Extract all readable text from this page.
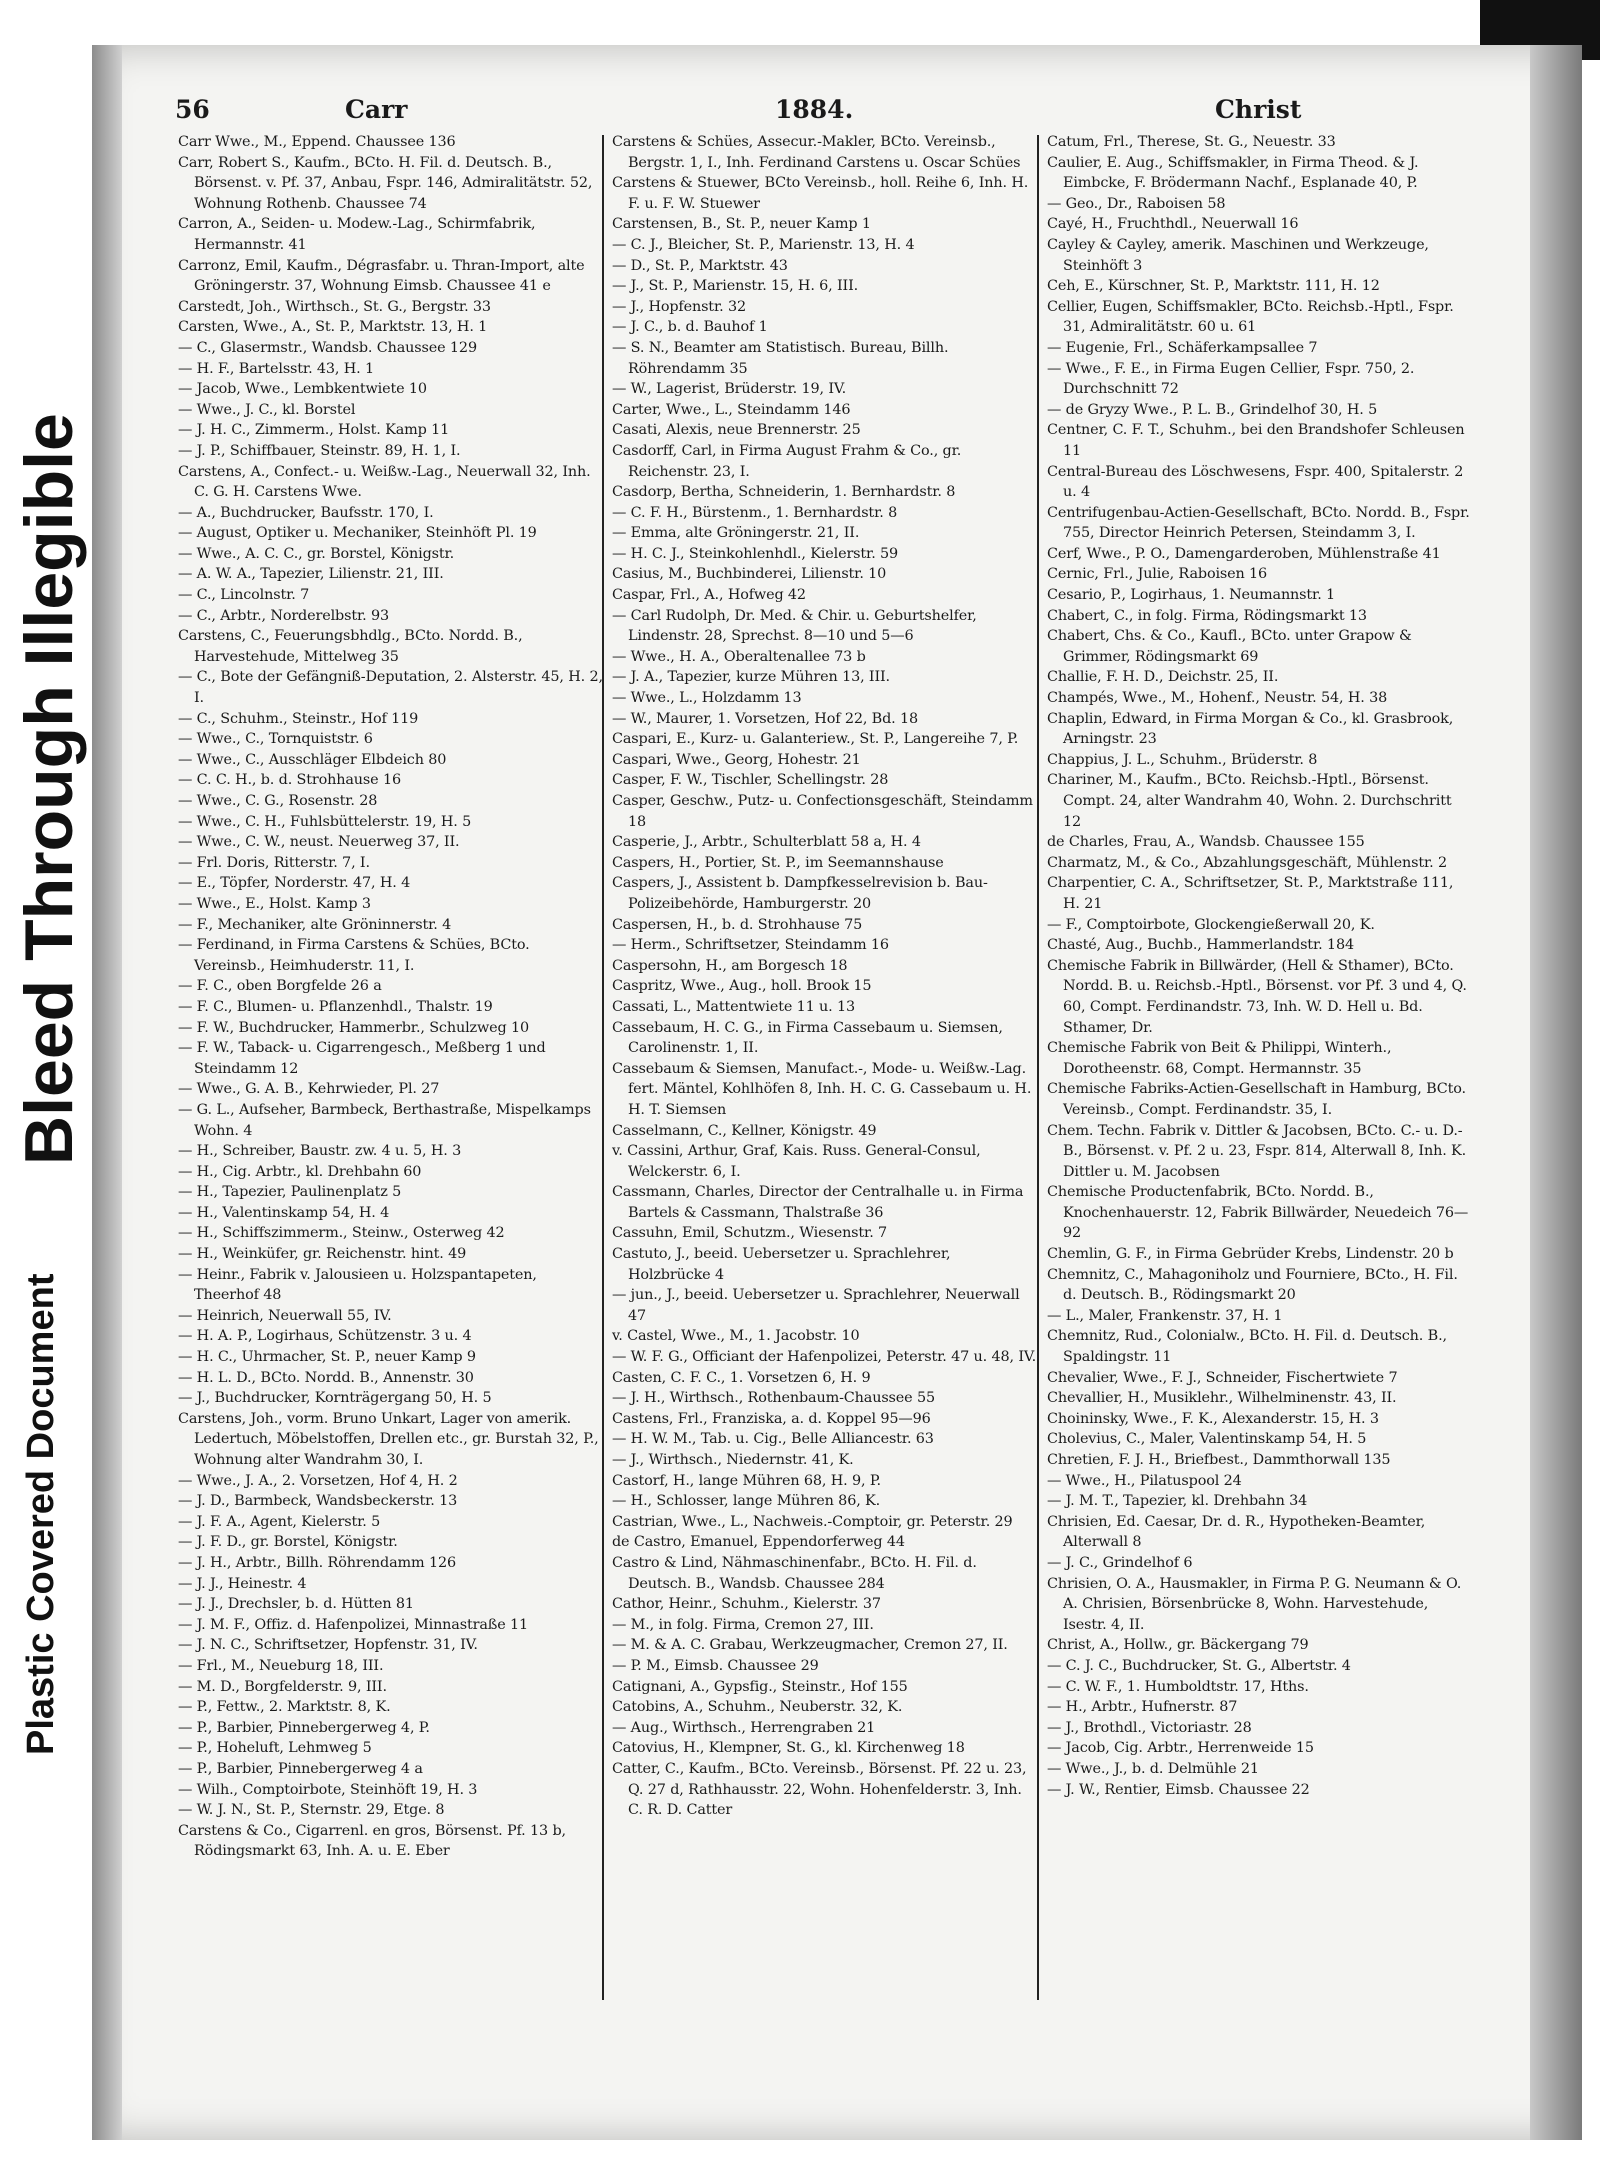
Bleed Through Illegible
Plastic Covered Document
56	Carr	1884.	Christ
Carr Wwe., M., Eppend. Chaussee 136
Carr, Robert S., Kaufm., BCto. H. Fil. d. Deutsch. B., Börsenst. v. Pf. 37, Anbau, Fspr. 146, Admiralitätstr. 52, Wohnung Rothenb. Chaussee 74
Carron, A., Seiden- u. Modew.-Lag., Schirmfabrik, Hermannstr. 41
Carronz, Emil, Kaufm., Dégrasfabr. u. Thran-Import, alte Gröningerstr. 37, Wohnung Eimsb. Chaussee 41 e
Carstedt, Joh., Wirthsch., St. G., Bergstr. 33
Carsten, Wwe., A., St. P., Marktstr. 13, H. 1
— C., Glasermstr., Wandsb. Chaussee 129
— H. F., Bartelsstr. 43, H. 1
— Jacob, Wwe., Lembkentwiete 10
— Wwe., J. C., kl. Borstel
— J. H. C., Zimmerm., Holst. Kamp 11
— J. P., Schiffbauer, Steinstr. 89, H. 1, I.
Carstens, A., Confect.- u. Weißw.-Lag., Neuerwall 32, Inh. C. G. H. Carstens Wwe.
— A., Buchdrucker, Baufsstr. 170, I.
— August, Optiker u. Mechaniker, Steinhöft Pl. 19
— Wwe., A. C. C., gr. Borstel, Königstr.
— A. W. A., Tapezier, Lilienstr. 21, III.
— C., Lincolnstr. 7
— C., Arbtr., Norderelbstr. 93
Carstens, C., Feuerungsbhdlg., BCto. Nordd. B., Harvestehude, Mittelweg 35
— C., Bote der Gefängniß-Deputation, 2. Alsterstr. 45, H. 2, I.
— C., Schuhm., Steinstr., Hof 119
— Wwe., C., Tornquiststr. 6
— Wwe., C., Ausschläger Elbdeich 80
— C. C. H., b. d. Strohhause 16
— Wwe., C. G., Rosenstr. 28
— Wwe., C. H., Fuhlsbüttelerstr. 19, H. 5
— Wwe., C. W., neust. Neuerweg 37, II.
— Frl. Doris, Ritterstr. 7, I.
— E., Töpfer, Norderstr. 47, H. 4
— Wwe., E., Holst. Kamp 3
— F., Mechaniker, alte Gröninnerstr. 4
— Ferdinand, in Firma Carstens & Schües, BCto. Vereinsb., Heimhuderstr. 11, I.
— F. C., oben Borgfelde 26 a
— F. C., Blumen- u. Pflanzenhdl., Thalstr. 19
— F. W., Buchdrucker, Hammerbr., Schulzweg 10
— F. W., Taback- u. Cigarrengesch., Meßberg 1 und Steindamm 12
— Wwe., G. A. B., Kehrwieder, Pl. 27
— G. L., Aufseher, Barmbeck, Berthastraße, Mispelkamps Wohn. 4
— H., Schreiber, Baustr. zw. 4 u. 5, H. 3
— H., Cig. Arbtr., kl. Drehbahn 60
— H., Tapezier, Paulinenplatz 5
— H., Valentinskamp 54, H. 4
— H., Schiffszimmerm., Steinw., Osterweg 42
— H., Weinküfer, gr. Reichenstr. hint. 49
— Heinr., Fabrik v. Jalousieen u. Holzspantapeten, Theerhof 48
— Heinrich, Neuerwall 55, IV.
— H. A. P., Logirhaus, Schützenstr. 3 u. 4
— H. C., Uhrmacher, St. P., neuer Kamp 9
— H. L. D., BCto. Nordd. B., Annenstr. 30
— J., Buchdrucker, Kornträgergang 50, H. 5
Carstens, Joh., vorm. Bruno Unkart, Lager von amerik. Ledertuch, Möbelstoffen, Drellen etc., gr. Burstah 32, P., Wohnung alter Wandrahm 30, I.
— Wwe., J. A., 2. Vorsetzen, Hof 4, H. 2
— J. D., Barmbeck, Wandsbeckerstr. 13
— J. F. A., Agent, Kielerstr. 5
— J. F. D., gr. Borstel, Königstr.
— J. H., Arbtr., Billh. Röhrendamm 126
— J. J., Heinestr. 4
— J. J., Drechsler, b. d. Hütten 81
— J. M. F., Offiz. d. Hafenpolizei, Minnastraße 11
— J. N. C., Schriftsetzer, Hopfenstr. 31, IV.
— Frl., M., Neueburg 18, III.
— M. D., Borgfelderstr. 9, III.
— P., Fettw., 2. Marktstr. 8, K.
— P., Barbier, Pinnebergerweg 4, P.
— P., Hoheluft, Lehmweg 5
— P., Barbier, Pinnebergerweg 4 a
— Wilh., Comptoirbote, Steinhöft 19, H. 3
— W. J. N., St. P., Sternstr. 29, Etge. 8
Carstens & Co., Cigarrenl. en gros, Börsenst. Pf. 13 b, Rödingsmarkt 63, Inh. A. u. E. Eber
Carstens & Schües, Assecur.-Makler, BCto. Vereinsb., Bergstr. 1, I., Inh. Ferdinand Carstens u. Oscar Schües
Carstens & Stuewer, BCto Vereinsb., holl. Reihe 6, Inh. H. F. u. F. W. Stuewer
Carstensen, B., St. P., neuer Kamp 1
— C. J., Bleicher, St. P., Marienstr. 13, H. 4
— D., St. P., Marktstr. 43
— J., St. P., Marienstr. 15, H. 6, III.
— J., Hopfenstr. 32
— J. C., b. d. Bauhof 1
— S. N., Beamter am Statistisch. Bureau, Billh. Röhrendamm 35
— W., Lagerist, Brüderstr. 19, IV.
Carter, Wwe., L., Steindamm 146
Casati, Alexis, neue Brennerstr. 25
Casdorff, Carl, in Firma August Frahm & Co., gr. Reichenstr. 23, I.
Casdorp, Bertha, Schneiderin, 1. Bernhardstr. 8
— C. F. H., Bürstenm., 1. Bernhardstr. 8
— Emma, alte Gröningerstr. 21, II.
— H. C. J., Steinkohlenhdl., Kielerstr. 59
Casius, M., Buchbinderei, Lilienstr. 10
Caspar, Frl., A., Hofweg 42
— Carl Rudolph, Dr. Med. & Chir. u. Geburtshelfer, Lindenstr. 28, Sprechst. 8—10 und 5—6
— Wwe., H. A., Oberaltenallee 73 b
— J. A., Tapezier, kurze Mühren 13, III.
— Wwe., L., Holzdamm 13
— W., Maurer, 1. Vorsetzen, Hof 22, Bd. 18
Caspari, E., Kurz- u. Galanteriew., St. P., Langereihe 7, P.
Caspari, Wwe., Georg, Hohestr. 21
Casper, F. W., Tischler, Schellingstr. 28
Casper, Geschw., Putz- u. Confectionsgeschäft, Steindamm 18
Casperie, J., Arbtr., Schulterblatt 58 a, H. 4
Caspers, H., Portier, St. P., im Seemannshause
Caspers, J., Assistent b. Dampfkesselrevision b. Bau-Polizeibehörde, Hamburgerstr. 20
Caspersen, H., b. d. Strohhause 75
— Herm., Schriftsetzer, Steindamm 16
Caspersohn, H., am Borgesch 18
Caspritz, Wwe., Aug., holl. Brook 15
Cassati, L., Mattentwiete 11 u. 13
Cassebaum, H. C. G., in Firma Cassebaum u. Siemsen, Carolinenstr. 1, II.
Cassebaum & Siemsen, Manufact.-, Mode- u. Weißw.-Lag. fert. Mäntel, Kohlhöfen 8, Inh. H. C. G. Cassebaum u. H. H. T. Siemsen
Casselmann, C., Kellner, Königstr. 49
v. Cassini, Arthur, Graf, Kais. Russ. General-Consul, Welckerstr. 6, I.
Cassmann, Charles, Director der Centralhalle u. in Firma Bartels & Cassmann, Thalstraße 36
Cassuhn, Emil, Schutzm., Wiesenstr. 7
Castuto, J., beeid. Uebersetzer u. Sprachlehrer, Holzbrücke 4
— jun., J., beeid. Uebersetzer u. Sprachlehrer, Neuerwall 47
v. Castel, Wwe., M., 1. Jacobstr. 10
— W. F. G., Officiant der Hafenpolizei, Peterstr. 47 u. 48, IV.
Casten, C. F. C., 1. Vorsetzen 6, H. 9
— J. H., Wirthsch., Rothenbaum-Chaussee 55
Castens, Frl., Franziska, a. d. Koppel 95—96
— H. W. M., Tab. u. Cig., Belle Alliancestr. 63
— J., Wirthsch., Niedernstr. 41, K.
Castorf, H., lange Mühren 68, H. 9, P.
— H., Schlosser, lange Mühren 86, K.
Castrian, Wwe., L., Nachweis.-Comptoir, gr. Peterstr. 29
de Castro, Emanuel, Eppendorferweg 44
Castro & Lind, Nähmaschinenfabr., BCto. H. Fil. d. Deutsch. B., Wandsb. Chaussee 284
Cathor, Heinr., Schuhm., Kielerstr. 37
— M., in folg. Firma, Cremon 27, III.
— M. & A. C. Grabau, Werkzeugmacher, Cremon 27, II.
— P. M., Eimsb. Chaussee 29
Catignani, A., Gypsfig., Steinstr., Hof 155
Catobins, A., Schuhm., Neuberstr. 32, K.
— Aug., Wirthsch., Herrengraben 21
Catovius, H., Klempner, St. G., kl. Kirchenweg 18
Catter, C., Kaufm., BCto. Vereinsb., Börsenst. Pf. 22 u. 23, Q. 27 d, Rathhausstr. 22, Wohn. Hohenfelderstr. 3, Inh. C. R. D. Catter
Catum, Frl., Therese, St. G., Neuestr. 33
Caulier, E. Aug., Schiffsmakler, in Firma Theod. & J. Eimbcke, F. Brödermann Nachf., Esplanade 40, P.
— Geo., Dr., Raboisen 58
Cayé, H., Fruchthdl., Neuerwall 16
Cayley & Cayley, amerik. Maschinen und Werkzeuge, Steinhöft 3
Ceh, E., Kürschner, St. P., Marktstr. 111, H. 12
Cellier, Eugen, Schiffsmakler, BCto. Reichsb.-Hptl., Fspr. 31, Admiralitätstr. 60 u. 61
— Eugenie, Frl., Schäferkampsallee 7
— Wwe., F. E., in Firma Eugen Cellier, Fspr. 750, 2. Durchschnitt 72
— de Gryzy Wwe., P. L. B., Grindelhof 30, H. 5
Centner, C. F. T., Schuhm., bei den Brandshofer Schleusen 11
Central-Bureau des Löschwesens, Fspr. 400, Spitalerstr. 2 u. 4
Centrifugenbau-Actien-Gesellschaft, BCto. Nordd. B., Fspr. 755, Director Heinrich Petersen, Steindamm 3, I.
Cerf, Wwe., P. O., Damengarderoben, Mühlenstraße 41
Cernic, Frl., Julie, Raboisen 16
Cesario, P., Logirhaus, 1. Neumannstr. 1
Chabert, C., in folg. Firma, Rödingsmarkt 13
Chabert, Chs. & Co., Kaufl., BCto. unter Grapow & Grimmer, Rödingsmarkt 69
Challie, F. H. D., Deichstr. 25, II.
Champés, Wwe., M., Hohenf., Neustr. 54, H. 38
Chaplin, Edward, in Firma Morgan & Co., kl. Grasbrook, Arningstr. 23
Chappius, J. L., Schuhm., Brüderstr. 8
Chariner, M., Kaufm., BCto. Reichsb.-Hptl., Börsenst. Compt. 24, alter Wandrahm 40, Wohn. 2. Durchschritt 12
de Charles, Frau, A., Wandsb. Chaussee 155
Charmatz, M., & Co., Abzahlungsgeschäft, Mühlenstr. 2
Charpentier, C. A., Schriftsetzer, St. P., Marktstraße 111, H. 21
— F., Comptoirbote, Glockengießerwall 20, K.
Chasté, Aug., Buchb., Hammerlandstr. 184
Chemische Fabrik in Billwärder, (Hell & Sthamer), BCto. Nordd. B. u. Reichsb.-Hptl., Börsenst. vor Pf. 3 und 4, Q. 60, Compt. Ferdinandstr. 73, Inh. W. D. Hell u. Bd. Sthamer, Dr.
Chemische Fabrik von Beit & Philippi, Winterh., Dorotheenstr. 68, Compt. Hermannstr. 35
Chemische Fabriks-Actien-Gesellschaft in Hamburg, BCto. Vereinsb., Compt. Ferdinandstr. 35, I.
Chem. Techn. Fabrik v. Dittler & Jacobsen, BCto. C.- u. D.-B., Börsenst. v. Pf. 2 u. 23, Fspr. 814, Alterwall 8, Inh. K. Dittler u. M. Jacobsen
Chemische Productenfabrik, BCto. Nordd. B., Knochenhauerstr. 12, Fabrik Billwärder, Neuedeich 76—92
Chemlin, G. F., in Firma Gebrüder Krebs, Lindenstr. 20 b
Chemnitz, C., Mahagoniholz und Fourniere, BCto., H. Fil. d. Deutsch. B., Rödingsmarkt 20
— L., Maler, Frankenstr. 37, H. 1
Chemnitz, Rud., Colonialw., BCto. H. Fil. d. Deutsch. B., Spaldingstr. 11
Chevalier, Wwe., F. J., Schneider, Fischertwiete 7
Chevallier, H., Musiklehr., Wilhelminenstr. 43, II.
Choininsky, Wwe., F. K., Alexanderstr. 15, H. 3
Cholevius, C., Maler, Valentinskamp 54, H. 5
Chretien, F. J. H., Briefbest., Dammthorwall 135
— Wwe., H., Pilatuspool 24
— J. M. T., Tapezier, kl. Drehbahn 34
Chrisien, Ed. Caesar, Dr. d. R., Hypotheken-Beamter, Alterwall 8
— J. C., Grindelhof 6
Chrisien, O. A., Hausmakler, in Firma P. G. Neumann & O. A. Chrisien, Börsenbrücke 8, Wohn. Harvestehude, Isestr. 4, II.
Christ, A., Hollw., gr. Bäckergang 79
— C. J. C., Buchdrucker, St. G., Albertstr. 4
— C. W. F., 1. Humboldtstr. 17, Hths.
— H., Arbtr., Hufnerstr. 87
— J., Brothdl., Victoriastr. 28
— Jacob, Cig. Arbtr., Herrenweide 15
— Wwe., J., b. d. Delmühle 21
— J. W., Rentier, Eimsb. Chaussee 22
